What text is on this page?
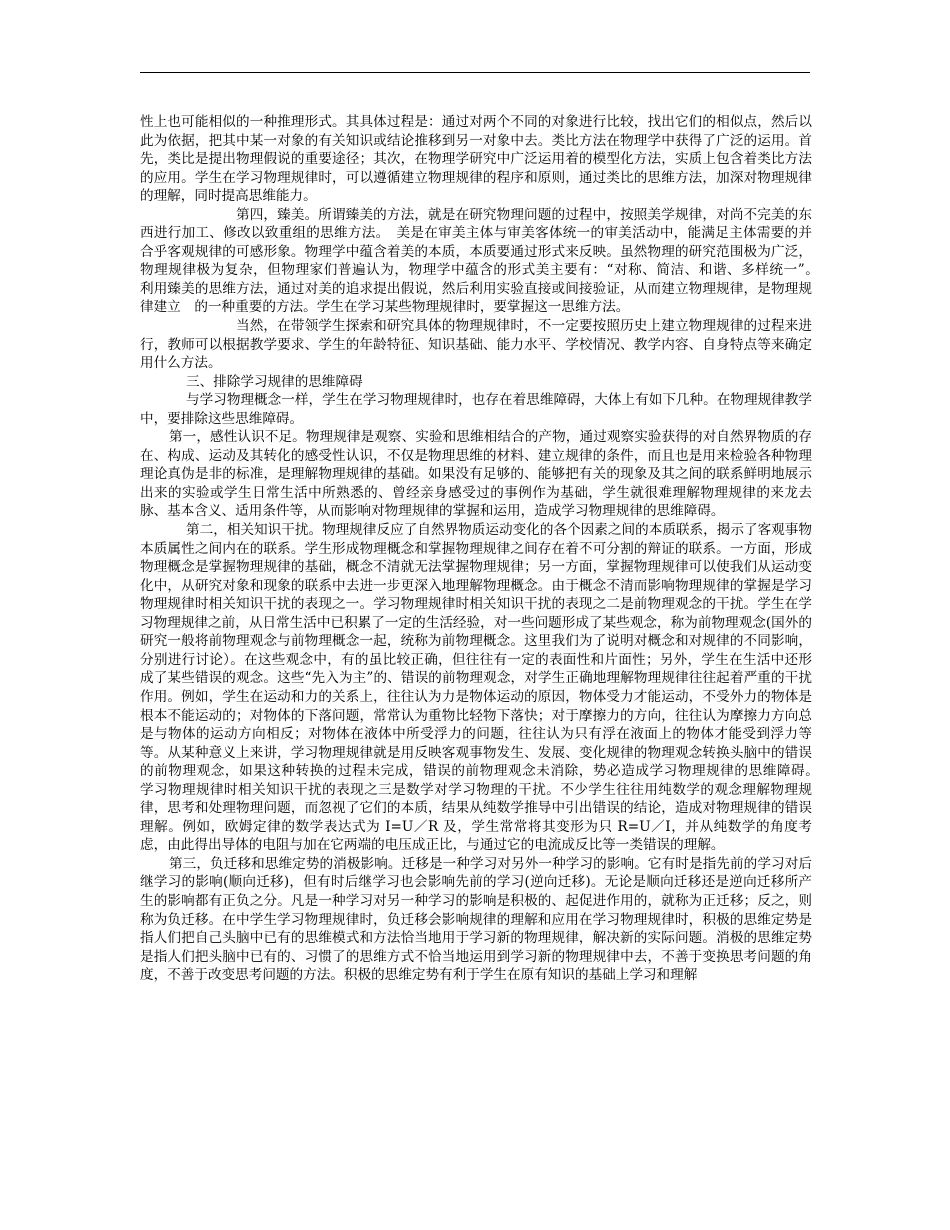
性上也可能相似的一种推理形式。其具体过程是：通过对两个不同的对象进行比较，找出它们的相似点，然后以此为依据，把其中某一对象的有关知识或结论推移到另一对象中去。类比方法在物理学中获得了广泛的运用。首先，类比是提出物理假说的重要途径；其次，在物理学研究中广泛运用着的模型化方法，实质上包含着类比方法的应用。学生在学习物理规律时，可以遵循建立物理规律的程序和原则，通过类比的思维方法，加深对物理规律的理解，同时提高思维能力。

第四，臻美。所谓臻美的方法，就是在研究物理问题的过程中，按照美学规律，对尚不完美的东西进行加工、修改以致重组的思维方法。　美是在审美主体与审美客体统一的审美活动中，能满足主体需要的并合乎客观规律的可感形象。物理学中蕴含着美的本质，本质要通过形式来反映。虽然物理的研究范围极为广泛，物理规律极为复杂，但物理家们普遍认为，物理学中蕴含的形式美主要有：“对称、简洁、和谐、多样统一”。　利用臻美的思维方法，通过对美的追求提出假说，然后利用实验直接或间接验证，从而建立物理规律，是物理规律建立　的一种重要的方法。学生在学习某些物理规律时，要掌握这一思维方法。

当然，在带领学生探索和研究具体的物理规律时，不一定要按照历史上建立物理规律的过程来进行，教师可以根据教学要求、学生的年龄特征、知识基础、能力水平、学校情况、教学内容、自身特点等来确定用什么方法。

三、排除学习规律的思维障碍

与学习物理概念一样，学生在学习物理规律时，也存在着思维障碍，大体上有如下几种。在物理规律教学中，要排除这些思维障碍。

第一，感性认识不足。物理规律是观察、实验和思维相结合的产物，通过观察实验获得的对自然界物质的存在、构成、运动及其转化的感受性认识，不仅是物理思维的材料、建立规律的条件，而且也是用来检验各种物理理论真伪是非的标准，是理解物理规律的基础。如果没有足够的、能够把有关的现象及其之间的联系鲜明地展示出来的实验或学生日常生活中所熟悉的、曾经亲身感受过的事例作为基础，学生就很难理解物理规律的来龙去脉、基本含义、适用条件等，从而影响对物理规律的掌握和运用，造成学习物理规律的思维障碍。

第二，相关知识干扰。物理规律反应了自然界物质运动变化的各个因素之间的本质联系，揭示了客观事物本质属性之间内在的联系。学生形成物理概念和掌握物理规律之间存在着不可分割的辩证的联系。一方面，形成物理概念是掌握物理规律的基础，概念不清就无法掌握物理规律；另一方面，掌握物理规律可以使我们从运动变化中，从研究对象和现象的联系中去进一步更深入地理解物理概念。由于概念不清而影响物理规律的掌握是学习物理规律时相关知识干扰的表现之一。学习物理规律时相关知识干扰的表现之二是前物理观念的干扰。学生在学习物理规律之前，从日常生活中已积累了一定的生活经验，对一些问题形成了某些观念，称为前物理观念(国外的研究一般将前物理观念与前物理概念一起，统称为前物理概念。这里我们为了说明对概念和对规律的不同影响，分别进行讨论）。在这些观念中，有的虽比较正确，但往往有一定的表面性和片面性；另外，学生在生活中还形成了某些错误的观念。这些“先入为主”的、错误的前物理观念，对学生正确地理解物理规律往往起着严重的干扰作用。例如，学生在运动和力的关系上，往往认为力是物体运动的原因，物体受力才能运动，不受外力的物体是根本不能运动的；对物体的下落问题，常常认为重物比轻物下落快；对于摩擦力的方向，往往认为摩擦力方向总是与物体的运动方向相反；对物体在液体中所受浮力的问题，往往认为只有浮在液面上的物体才能受到浮力等等。从某种意义上来讲，学习物理规律就是用反映客观事物发生、发展、变化规律的物理观念转换头脑中的错误的前物理观念，如果这种转换的过程未完成，错误的前物理观念未消除，势必造成学习物理规律的思维障碍。　　学习物理规律时相关知识干扰的表现之三是数学对学习物理的干扰。不少学生往往用纯数学的观念理解物理规律，思考和处理物理问题，而忽视了它们的本质，结果从纯数学推导中引出错误的结论，造成对物理规律的错误理解。例如，欧姆定律的数学表达式为 I=U／R 及，学生常常将其变形为只 R=U／I，并从纯数学的角度考虑，由此得出导体的电阻与加在它两端的电压成正比，与通过它的电流成反比等一类错误的理解。

第三，负迁移和思维定势的消极影响。迁移是一种学习对另外一种学习的影响。它有时是指先前的学习对后继学习的影响(顺向迁移)，但有时后继学习也会影响先前的学习(逆向迁移)。无论是顺向迁移还是逆向迁移所产生的影响都有正负之分。凡是一种学习对另一种学习的影响是积极的、起促进作用的，就称为正迁移；反之，则称为负迁移。在中学生学习物理规律时，负迁移会影响规律的理解和应用在学习物理规律时，积极的思维定势是指人们把自己头脑中已有的思维模式和方法恰当地用于学习新的物理规律，解决新的实际问题。消极的思维定势是指人们把头脑中已有的、习惯了的思维方式不恰当地运用到学习新的物理规律中去，不善于变换思考问题的角度，不善于改变思考问题的方法。积极的思维定势有利于学生在原有知识的基础上学习和理解
